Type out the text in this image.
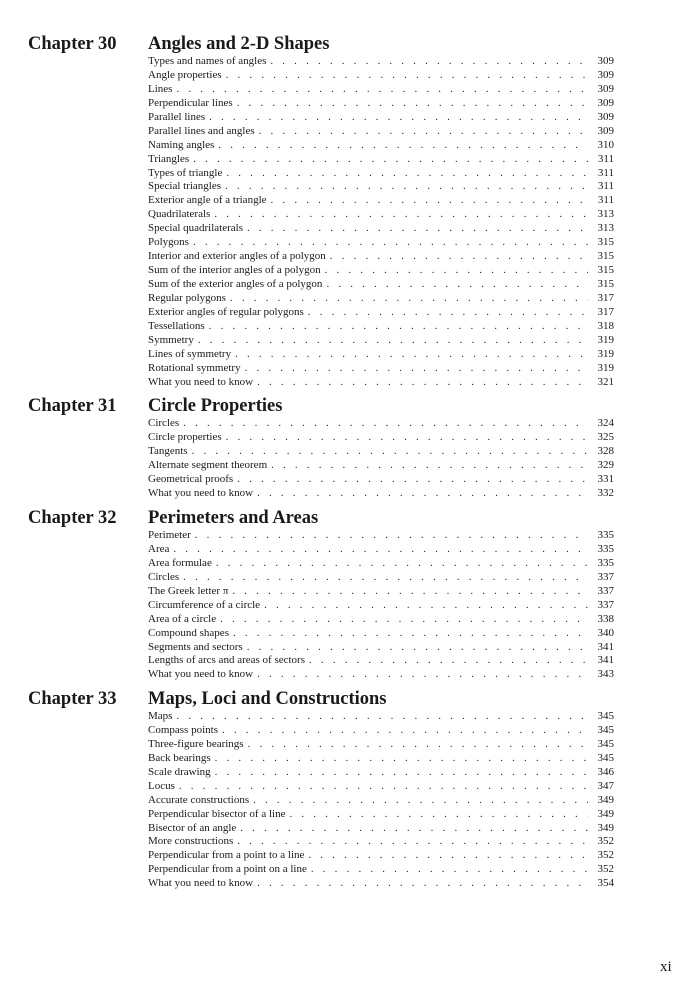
Chapter 30 Angles and 2-D Shapes
Types and names of angles . . .	309
Angle properties . . .	309
Lines . . .	309
Perpendicular lines . . .	309
Parallel lines . . .	309
Parallel lines and angles . . .	309
Naming angles . . .	310
Triangles . . .	311
Types of triangle . . .	311
Special triangles . . .	311
Exterior angle of a triangle . . .	311
Quadrilaterals . . .	313
Special quadrilaterals . . .	313
Polygons . . .	315
Interior and exterior angles of a polygon . . .	315
Sum of the interior angles of a polygon . . .	315
Sum of the exterior angles of a polygon . . .	315
Regular polygons . . .	317
Exterior angles of regular polygons . . .	317
Tessellations . . .	318
Symmetry . . .	319
Lines of symmetry . . .	319
Rotational symmetry . . .	319
What you need to know . . .	321
Chapter 31 Circle Properties
Circles . . .	324
Circle properties . . .	325
Tangents . . .	328
Alternate segment theorem . . .	329
Geometrical proofs . . .	331
What you need to know . . .	332
Chapter 32 Perimeters and Areas
Perimeter . . .	335
Area . . .	335
Area formulae . . .	335
Circles . . .	337
The Greek letter π . . .	337
Circumference of a circle . . .	337
Area of a circle . . .	338
Compound shapes . . .	340
Segments and sectors . . .	341
Lengths of arcs and areas of sectors . . .	341
What you need to know . . .	343
Chapter 33 Maps, Loci and Constructions
Maps . . .	345
Compass points . . .	345
Three-figure bearings . . .	345
Back bearings . . .	345
Scale drawing . . .	346
Locus . . .	347
Accurate constructions . . .	349
Perpendicular bisector of a line . . .	349
Bisector of an angle . . .	349
More constructions . . .	352
Perpendicular from a point to a line . . .	352
Perpendicular from a point on a line . . .	352
What you need to know . . .	354
xi
